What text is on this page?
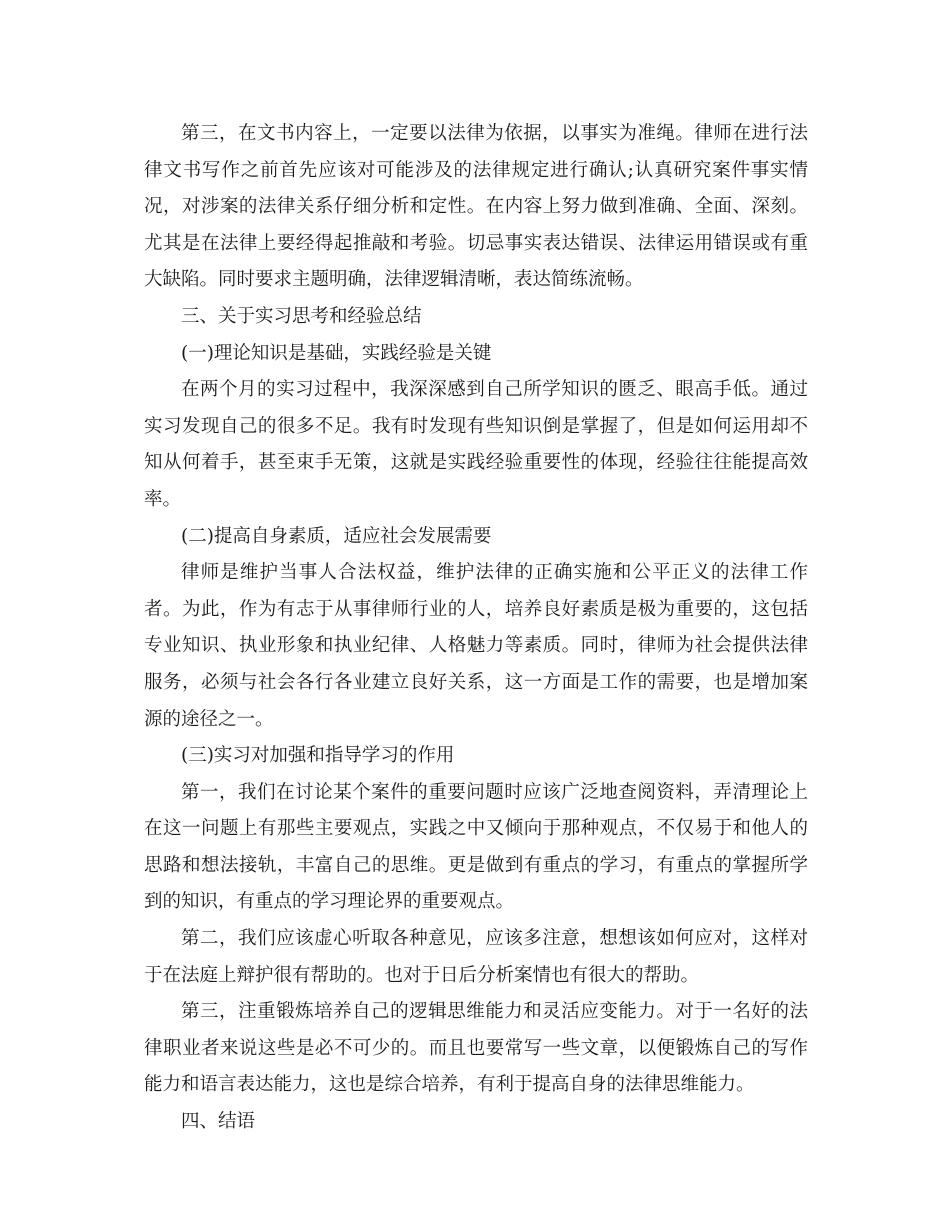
第三，在文书内容上，一定要以法律为依据，以事实为准绳。律师在进行法律文书写作之前首先应该对可能涉及的法律规定进行确认;认真研究案件事实情况，对涉案的法律关系仔细分析和定性。在内容上努力做到准确、全面、深刻。尤其是在法律上要经得起推敲和考验。切忌事实表达错误、法律运用错误或有重大缺陷。同时要求主题明确，法律逻辑清晰，表达简练流畅。

三、关于实习思考和经验总结

(一)理论知识是基础，实践经验是关键

在两个月的实习过程中，我深深感到自己所学知识的匮乏、眼高手低。通过实习发现自己的很多不足。我有时发现有些知识倒是掌握了，但是如何运用却不知从何着手，甚至束手无策，这就是实践经验重要性的体现，经验往往能提高效率。

(二)提高自身素质，适应社会发展需要

律师是维护当事人合法权益，维护法律的正确实施和公平正义的法律工作者。为此，作为有志于从事律师行业的人，培养良好素质是极为重要的，这包括专业知识、执业形象和执业纪律、人格魅力等素质。同时，律师为社会提供法律服务，必须与社会各行各业建立良好关系，这一方面是工作的需要，也是增加案源的途径之一。

(三)实习对加强和指导学习的作用

第一，我们在讨论某个案件的重要问题时应该广泛地查阅资料，弄清理论上在这一问题上有那些主要观点，实践之中又倾向于那种观点，不仅易于和他人的思路和想法接轨，丰富自己的思维。更是做到有重点的学习，有重点的掌握所学到的知识，有重点的学习理论界的重要观点。

第二，我们应该虚心听取各种意见，应该多注意，想想该如何应对，这样对于在法庭上辩护很有帮助的。也对于日后分析案情也有很大的帮助。

第三，注重锻炼培养自己的逻辑思维能力和灵活应变能力。对于一名好的法律职业者来说这些是必不可少的。而且也要常写一些文章，以便锻炼自己的写作能力和语言表达能力，这也是综合培养，有利于提高自身的法律思维能力。

四、结语
